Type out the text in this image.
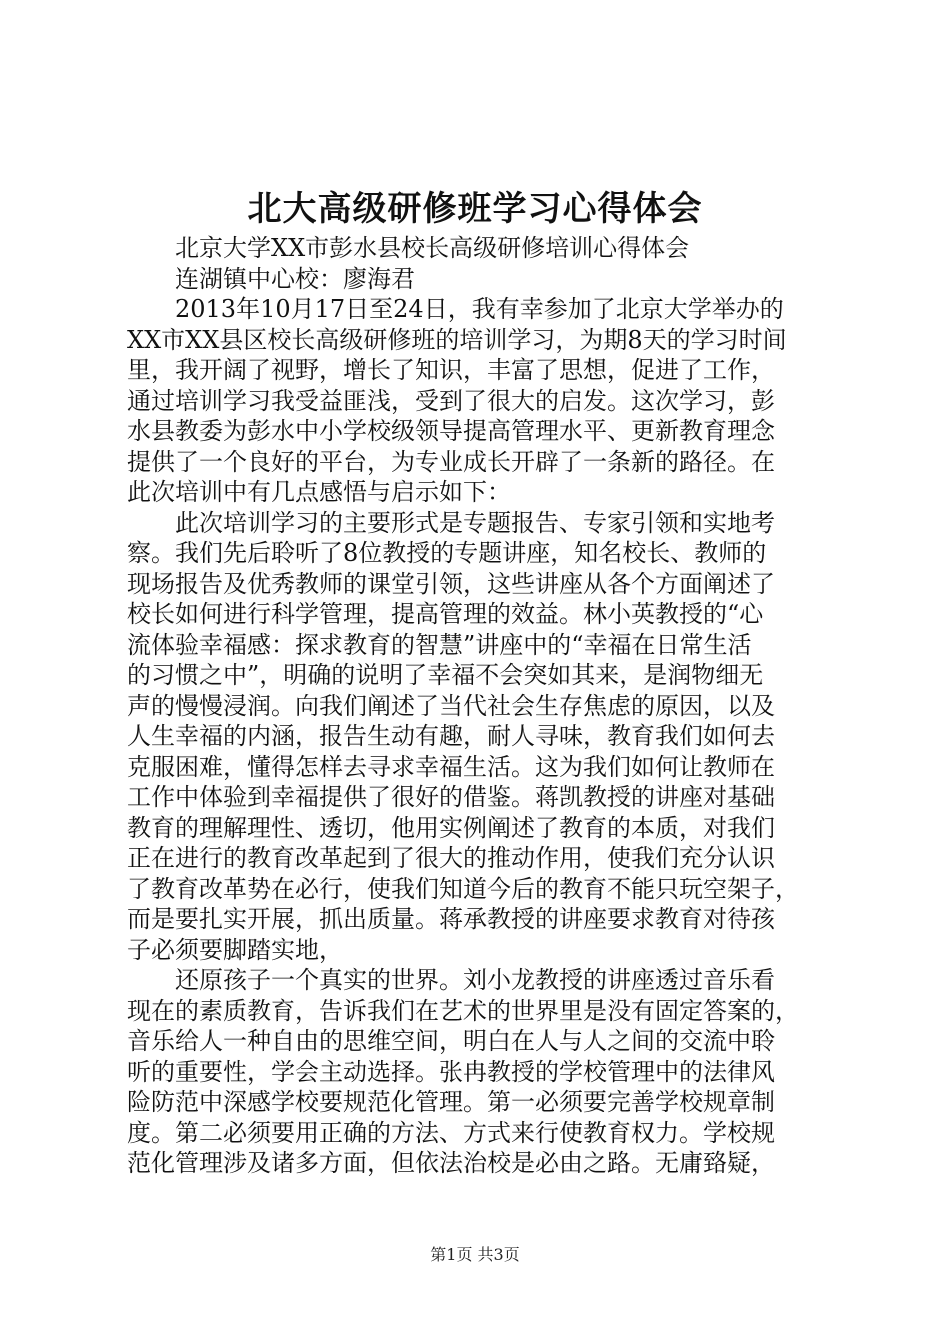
北大高级研修班学习心得体会
北京大学XX市彭水县校长高级研修培训心得体会
连湖镇中心校：廖海君
2013年10月17日至24日，我有幸参加了北京大学举办的
XX市XX县区校长高级研修班的培训学习，为期8天的学习时间
里，我开阔了视野，增长了知识，丰富了思想，促进了工作，
通过培训学习我受益匪浅，受到了很大的启发。这次学习，彭
水县教委为彭水中小学校级领导提高管理水平、更新教育理念
提供了一个良好的平台，为专业成长开辟了一条新的路径。在
此次培训中有几点感悟与启示如下：
此次培训学习的主要形式是专题报告、专家引领和实地考
察。我们先后聆听了8位教授的专题讲座，知名校长、教师的
现场报告及优秀教师的课堂引领，这些讲座从各个方面阐述了
校长如何进行科学管理，提高管理的效益。林小英教授的“心
流体验幸福感：探求教育的智慧”讲座中的“幸福在日常生活
的习惯之中”，明确的说明了幸福不会突如其来，是润物细无
声的慢慢浸润。向我们阐述了当代社会生存焦虑的原因，以及
人生幸福的内涵，报告生动有趣，耐人寻味，教育我们如何去
克服困难，懂得怎样去寻求幸福生活。这为我们如何让教师在
工作中体验到幸福提供了很好的借鉴。蒋凯教授的讲座对基础
教育的理解理性、透切，他用实例阐述了教育的本质，对我们
正在进行的教育改革起到了很大的推动作用，使我们充分认识
了教育改革势在必行，使我们知道今后的教育不能只玩空架子，
而是要扎实开展，抓出质量。蒋承教授的讲座要求教育对待孩
子必须要脚踏实地，
还原孩子一个真实的世界。刘小龙教授的讲座透过音乐看
现在的素质教育，告诉我们在艺术的世界里是没有固定答案的，
音乐给人一种自由的思维空间，明白在人与人之间的交流中聆
听的重要性，学会主动选择。张冉教授的学校管理中的法律风
险防范中深感学校要规范化管理。第一必须要完善学校规章制
度。第二必须要用正确的方法、方式来行使教育权力。学校规
范化管理涉及诸多方面，但依法治校是必由之路。无庸臵疑，
第1页 共3页
